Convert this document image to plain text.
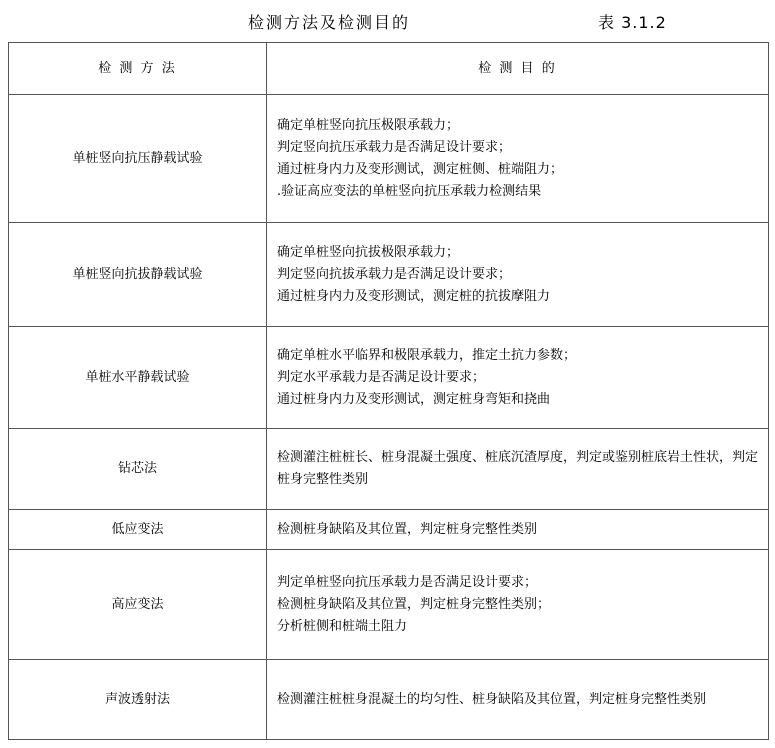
检测方法及检测目的	表 3.1.2
检 测 方 法	检 测 目 的
单桩竖向抗压静载试验	确定单桩竖向抗压极限承载力；
判定竖向抗压承载力是否满足设计要求；
通过桩身内力及变形测试，测定桩侧、桩端阻力；
.验证高应变法的单桩竖向抗压承载力检测结果

单桩竖向抗拔静载试验	确定单桩竖向抗拔极限承载力；
判定竖向抗拔承载力是否满足设计要求；
通过桩身内力及变形测试，测定桩的抗拔摩阻力

单桩水平静载试验	确定单桩水平临界和极限承载力，推定土抗力参数；
判定水平承载力是否满足设计要求；
通过桩身内力及变形测试，测定桩身弯矩和挠曲

钻芯法	检测灌注桩桩长、桩身混凝土强度、桩底沉渣厚度，判定或鉴别桩底岩土性状，判定桩身完整性类别

低应变法	检测桩身缺陷及其位置，判定桩身完整性类别

高应变法	判定单桩竖向抗压承载力是否满足设计要求；
检测桩身缺陷及其位置，判定桩身完整性类别；
分析桩侧和桩端土阻力

声波透射法	检测灌注桩桩身混凝土的均匀性、桩身缺陷及其位置，判定桩身完整性类别
